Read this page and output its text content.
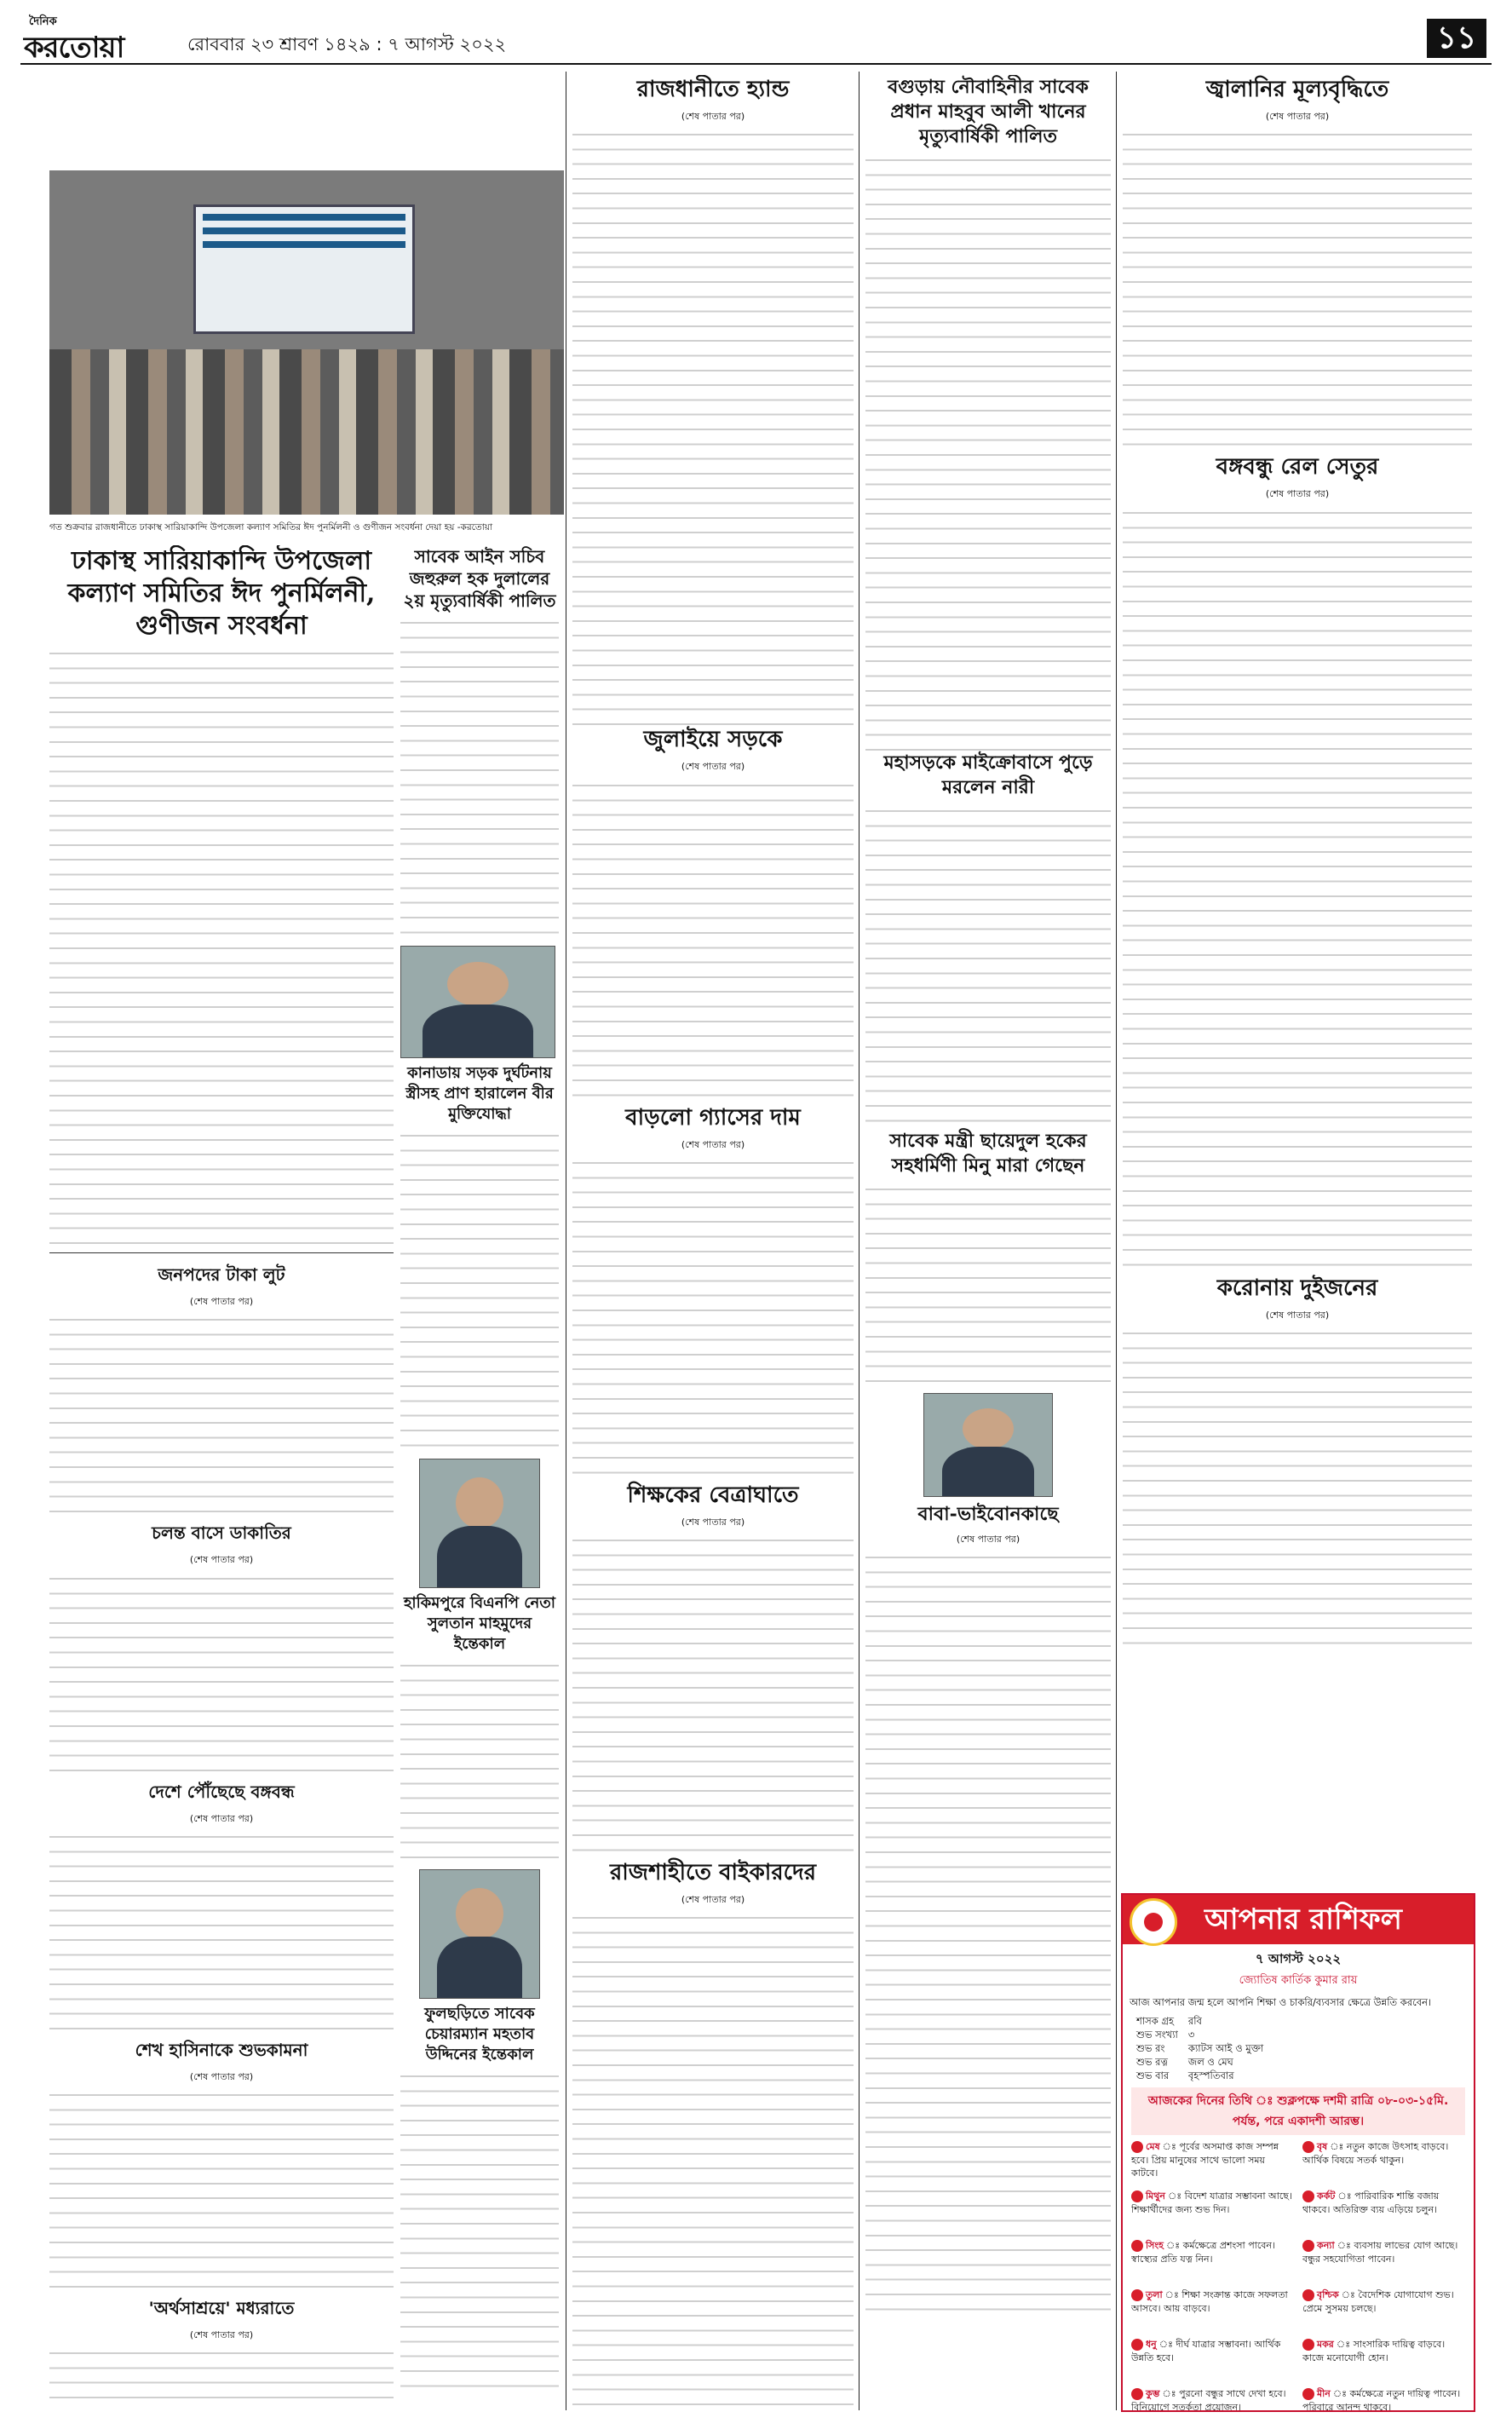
দৈনিক
করতোয়া	রোববার ২৩ শ্রাবণ ১৪২৯ : ৭ আগস্ট ২০২২	১১
গত শুক্রবার রাজধানীতে ঢাকাস্থ সারিয়াকান্দি উপজেলা কল্যাণ সমিতির ঈদ পুনর্মিলনী ও গুণীজন সংবর্ধনা দেয়া হয় -করতোয়া
ঢাকাস্থ সারিয়াকান্দি উপজেলা কল্যাণ সমিতির ঈদ পুনর্মিলনী, গুণীজন সংবর্ধনা
জনপদের টাকা লুট
(শেষ পাতার পর)
চলন্ত বাসে ডাকাতির
(শেষ পাতার পর)
দেশে পৌঁছেছে বঙ্গবন্ধ
(শেষ পাতার পর)
শেখ হাসিনাকে শুভকামনা
(শেষ পাতার পর)
'অর্থসাশ্রয়ে' মধ্যরাতে
(শেষ পাতার পর)
সাবেক আইন সচিব জহুরুল হক দুলালের ২য় মৃত্যুবার্ষিকী পালিত
কানাডায় সড়ক দুর্ঘটনায় স্ত্রীসহ প্রাণ হারালেন বীর মুক্তিযোদ্ধা
হাকিমপুরে বিএনপি নেতা সুলতান মাহমুদের ইন্তেকাল
ফুলছড়িতে সাবেক চেয়ারম্যান মহতাব উদ্দিনের ইন্তেকাল
রাজধানীতে হ্যান্ড
(শেষ পাতার পর)
জুলাইয়ে সড়কে
(শেষ পাতার পর)
বাড়লো গ্যাসের দাম
(শেষ পাতার পর)
শিক্ষকের বেত্রাঘাতে
(শেষ পাতার পর)
রাজশাহীতে বাইকারদের
(শেষ পাতার পর)
বগুড়ায় নৌবাহিনীর সাবেক প্রধান মাহবুব আলী খানের মৃত্যুবার্ষিকী পালিত
মহাসড়কে মাইক্রোবাসে পুড়ে মরলেন নারী
সাবেক মন্ত্রী ছায়েদুল হকের সহধর্মিণী মিনু মারা গেছেন
বাবা-ভাইবোনকাছে
(শেষ পাতার পর)
জ্বালানির মূল্যবৃদ্ধিতে
(শেষ পাতার পর)
বঙ্গবন্ধু রেল সেতুর
(শেষ পাতার পর)
করোনায় দুইজনের
(শেষ পাতার পর)
আপনার রাশিফল
৭ আগস্ট ২০২২
জ্যোতিষ কার্তিক কুমার রায়
আজ আপনার জন্ম হলে আপনি শিক্ষা ও চাকরি/ব্যবসার ক্ষেত্রে উন্নতি করবেন।
শাসক গ্রহ	রবি
শুভ সংখ্যা	৩
শুভ রং	ক্যাটস আই ও মুক্তা
শুভ রত্ন	জল ও মেঘ
শুভ বার	বৃহস্পতিবার
আজকের দিনের তিথি ঃ শুক্লপক্ষে দশমী রাত্রি ০৮-০৩-১৫মি. পর্যন্ত, পরে একাদশী আরম্ভ।
মেষ ঃ পূর্বের অসমাপ্ত কাজ সম্পন্ন হবে। প্রিয় মানুষের সাথে ভালো সময় কাটবে।
বৃষ ঃ নতুন কাজে উৎসাহ বাড়বে। আর্থিক বিষয়ে সতর্ক থাকুন।
মিথুন ঃ বিদেশ যাত্রার সম্ভাবনা আছে। শিক্ষার্থীদের জন্য শুভ দিন।
কর্কট ঃ পারিবারিক শান্তি বজায় থাকবে। অতিরিক্ত ব্যয় এড়িয়ে চলুন।
সিংহ ঃ কর্মক্ষেত্রে প্রশংসা পাবেন। স্বাস্থ্যের প্রতি যত্ন নিন।
কন্যা ঃ ব্যবসায় লাভের যোগ আছে। বন্ধুর সহযোগিতা পাবেন।
তুলা ঃ শিক্ষা সংক্রান্ত কাজে সফলতা আসবে। আয় বাড়বে।
বৃশ্চিক ঃ বৈদেশিক যোগাযোগ শুভ। প্রেমে সুসময় চলছে।
ধনু ঃ দীর্ঘ যাত্রার সম্ভাবনা। আর্থিক উন্নতি হবে।
মকর ঃ সাংসারিক দায়িত্ব বাড়বে। কাজে মনোযোগী হোন।
কুম্ভ ঃ পুরনো বন্ধুর সাথে দেখা হবে। বিনিয়োগে সতর্কতা প্রয়োজন।
মীন ঃ কর্মক্ষেত্রে নতুন দায়িত্ব পাবেন। পরিবারে আনন্দ থাকবে।
